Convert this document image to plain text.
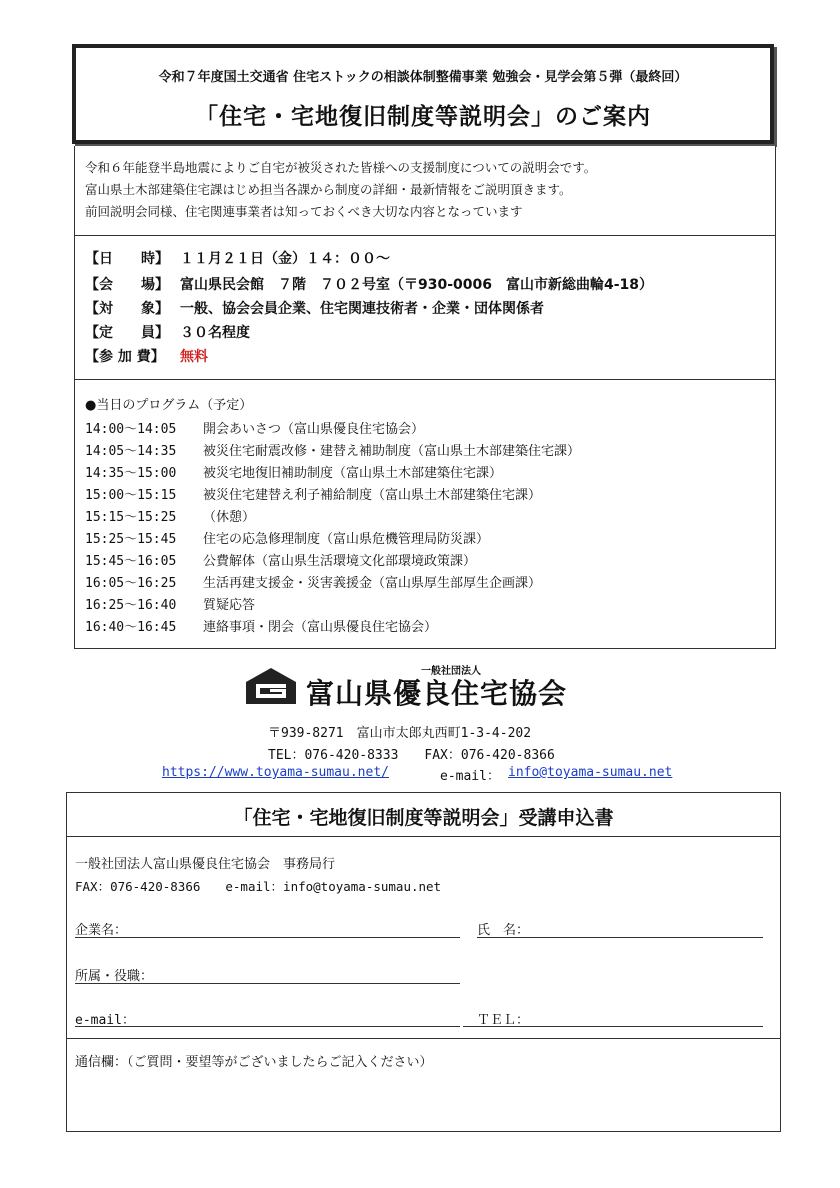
令和７年度国土交通省 住宅ストックの相談体制整備事業 勉強会・見学会第５弾（最終回）
「住宅・宅地復旧制度等説明会」のご案内
令和６年能登半島地震によりご自宅が被災された皆様への支援制度についての説明会です。
富山県土木部建築住宅課はじめ担当各課から制度の詳細・最新情報をご説明頂きます。
前回説明会同様、住宅関連事業者は知っておくべき大切な内容となっています
【日　　時】 １１月２１日（金）１４：００～
【会　　場】 富山県民会館　７階　７０２号室（〒930-0006　富山市新総曲輪4-18）
【対　　象】 一般、協会会員企業、住宅関連技術者・企業・団体関係者
【定　　員】 ３０名程度
【参 加 費】 無料
●当日のプログラム（予定）
14:00～14:05 開会あいさつ（富山県優良住宅協会）
14:05～14:35 被災住宅耐震改修・建替え補助制度（富山県土木部建築住宅課）
14:35～15:00 被災宅地復旧補助制度（富山県土木部建築住宅課）
15:00～15:15 被災住宅建替え利子補給制度（富山県土木部建築住宅課）
15:15～15:25 （休憩）
15:25～15:45 住宅の応急修理制度（富山県危機管理局防災課）
15:45～16:05 公費解体（富山県生活環境文化部環境政策課）
16:05～16:25 生活再建支援金・災害義援金（富山県厚生部厚生企画課）
16:25～16:40 質疑応答
16:40～16:45 連絡事項・閉会（富山県優良住宅協会）
一般社団法人
富山県優良住宅協会
〒939-8271　富山市太郎丸西町1-3-4-202
TEL：076-420-8333　　FAX：076-420-8366
https://www.toyama-sumau.net/	e-mail： info@toyama-sumau.net
「住宅・宅地復旧制度等説明会」受講申込書
一般社団法人富山県優良住宅協会　事務局行
FAX：076-420-8366　　e-mail：info@toyama-sumau.net
企業名：	氏　名：
所属・役職：
e-mail：	ＴＥＬ：
通信欄：（ご質問・要望等がございましたらご記入ください）
